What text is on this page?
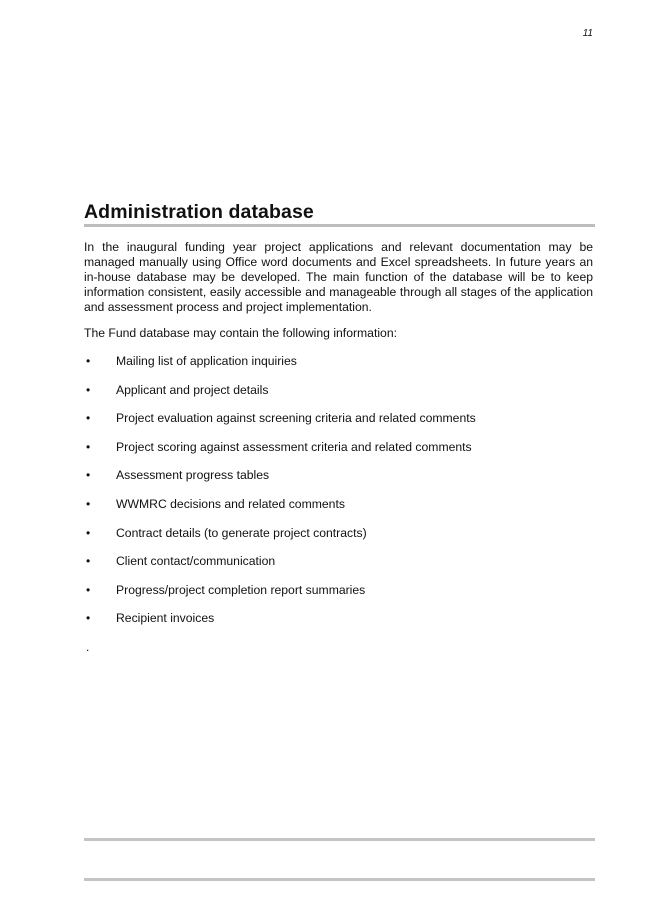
11
Administration database

In the inaugural funding year project applications and relevant documentation may be managed manually using Office word documents and Excel spreadsheets. In future years an in-house database may be developed. The main function of the database will be to keep information consistent, easily accessible and manageable through all stages of the application and assessment process and project implementation.

The Fund database may contain the following information:

• Mailing list of application inquiries
• Applicant and project details
• Project evaluation against screening criteria and related comments
• Project scoring against assessment criteria and related comments
• Assessment progress tables
• WWMRC decisions and related comments
• Contract details (to generate project contracts)
• Client contact/communication
• Progress/project completion report summaries
• Recipient invoices
.
